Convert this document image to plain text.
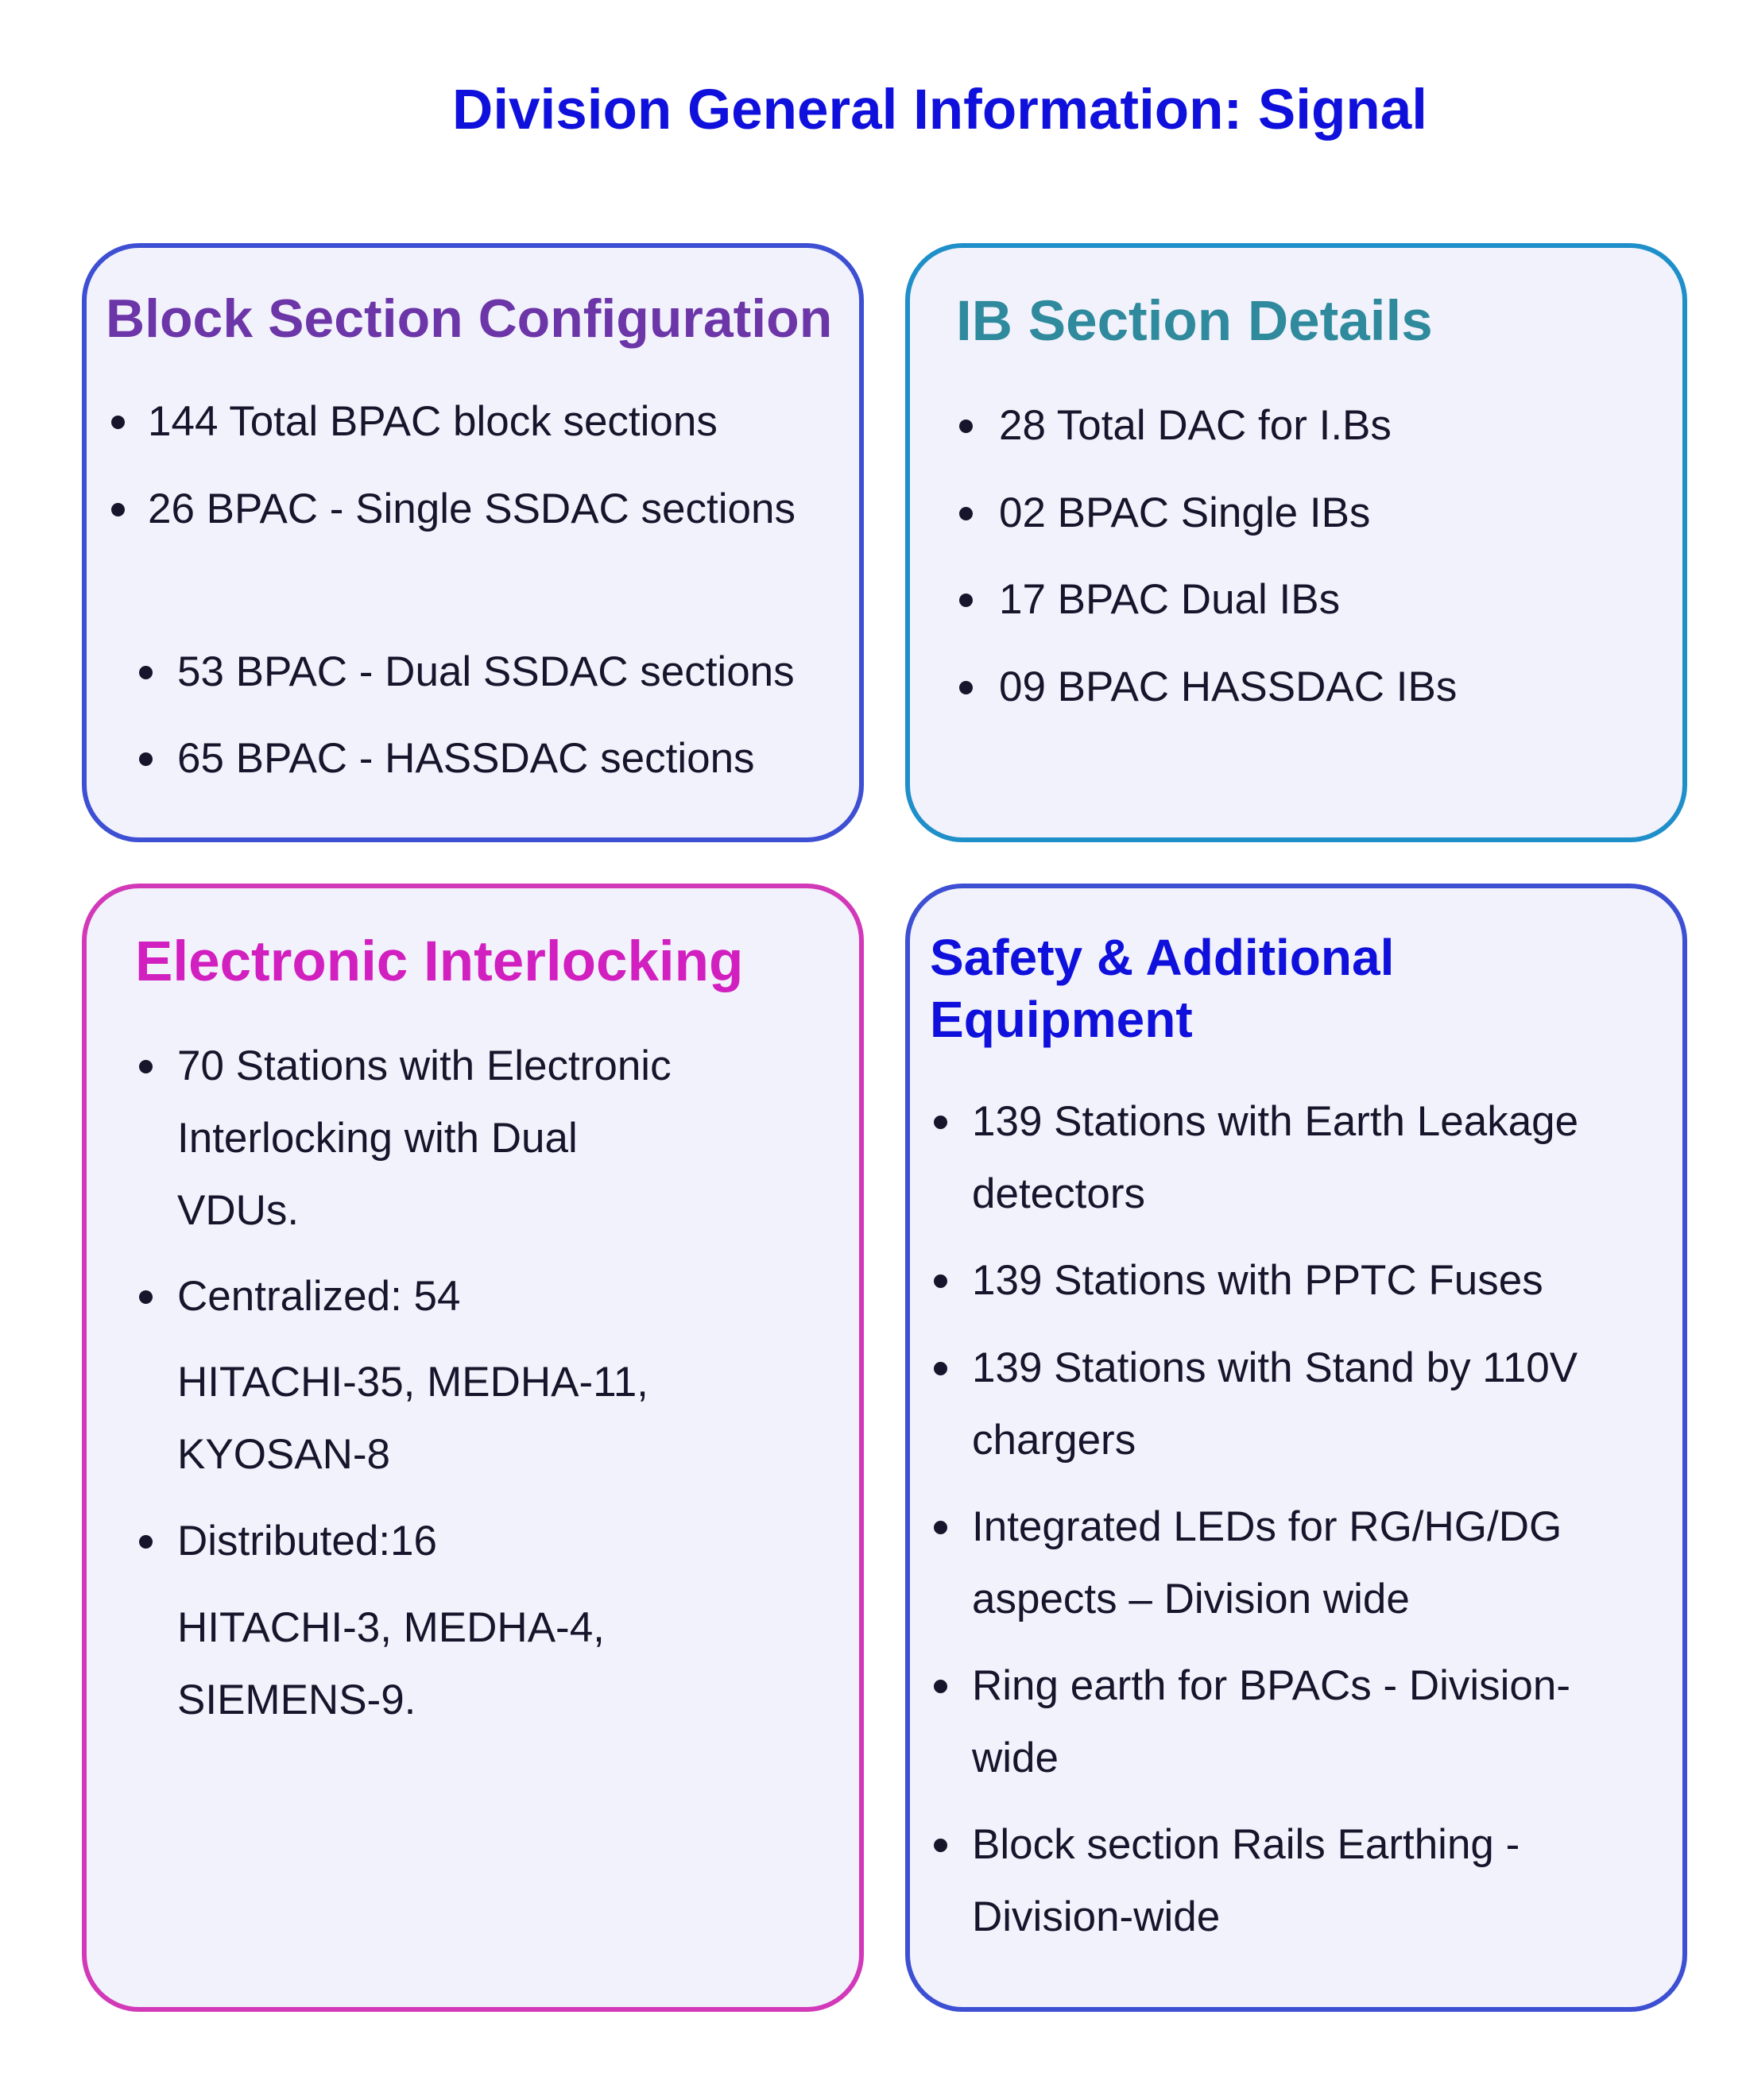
Division General Information: Signal
Block Section Configuration
144 Total BPAC block sections
26 BPAC - Single SSDAC sections
53 BPAC - Dual SSDAC sections
65 BPAC - HASSDAC sections
IB Section Details
28 Total DAC for I.Bs
02 BPAC Single IBs
17 BPAC Dual IBs
09 BPAC HASSDAC IBs
Electronic Interlocking
70 Stations with Electronic
Interlocking with Dual
VDUs.
Centralized: 54
HITACHI-35, MEDHA-11,
KYOSAN-8
Distributed:16
HITACHI-3, MEDHA-4,
SIEMENS-9.
Safety & Additional
Equipment
139 Stations with Earth Leakage
detectors
139 Stations with PPTC Fuses
139 Stations with Stand by 110V
chargers
Integrated LEDs for RG/HG/DG
aspects – Division wide
Ring earth for BPACs - Division-
wide
Block section Rails Earthing -
Division-wide
